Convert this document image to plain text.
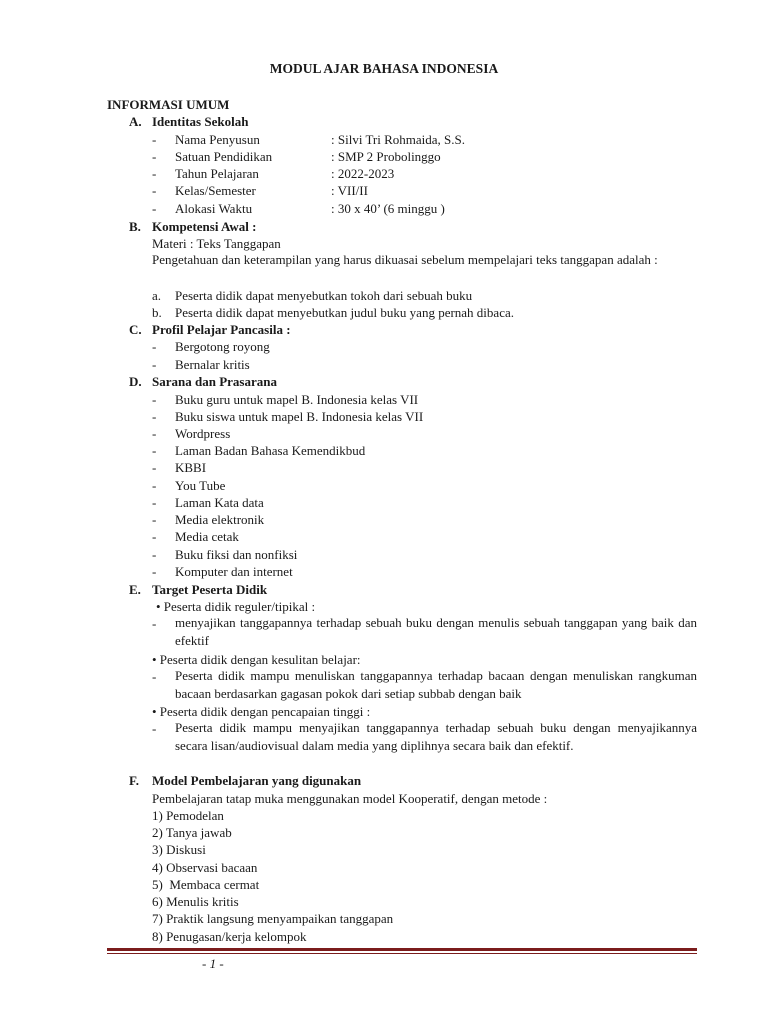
MODUL AJAR BAHASA INDONESIA
INFORMASI UMUM
A. Identitas Sekolah
- Nama Penyusun	: Silvi Tri Rohmaida, S.S.
- Satuan Pendidikan	: SMP 2 Probolinggo
- Tahun Pelajaran	: 2022-2023
- Kelas/Semester	: VII/II
- Alokasi Waktu	: 30 x 40’ (6 minggu )
B. Kompetensi Awal :
Materi : Teks Tanggapan
Pengetahuan dan keterampilan yang harus dikuasai sebelum mempelajari teks tanggapan adalah :
a. Peserta didik dapat menyebutkan tokoh dari sebuah buku
b. Peserta didik dapat menyebutkan judul buku yang pernah dibaca.
C. Profil Pelajar Pancasila :
- Bergotong royong
- Bernalar kritis
D. Sarana dan Prasarana
- Buku guru untuk mapel B. Indonesia kelas VII
- Buku siswa untuk mapel B. Indonesia kelas VII
- Wordpress
- Laman Badan Bahasa Kemendikbud
- KBBI
- You Tube
- Laman Kata data
- Media elektronik
- Media cetak
- Buku fiksi dan nonfiksi
- Komputer dan internet
E. Target Peserta Didik
• Peserta didik reguler/tipikal :
- menyajikan tanggapannya terhadap sebuah buku dengan menulis sebuah tanggapan yang baik dan efektif
• Peserta didik dengan kesulitan belajar:
- Peserta didik mampu menuliskan tanggapannya terhadap bacaan dengan menuliskan rangkuman bacaan berdasarkan gagasan pokok dari setiap subbab dengan baik
• Peserta didik dengan pencapaian tinggi :
- Peserta didik mampu menyajikan tanggapannya terhadap sebuah buku dengan menyajikannya secara lisan/audiovisual dalam media yang diplihnya secara baik dan efektif.
F. Model Pembelajaran yang digunakan
Pembelajaran tatap muka menggunakan model Kooperatif, dengan metode :
1) Pemodelan
2) Tanya jawab
3) Diskusi
4) Observasi bacaan
5)  Membaca cermat
6) Menulis kritis
7) Praktik langsung menyampaikan tanggapan
8) Penugasan/kerja kelompok
- 1 -
